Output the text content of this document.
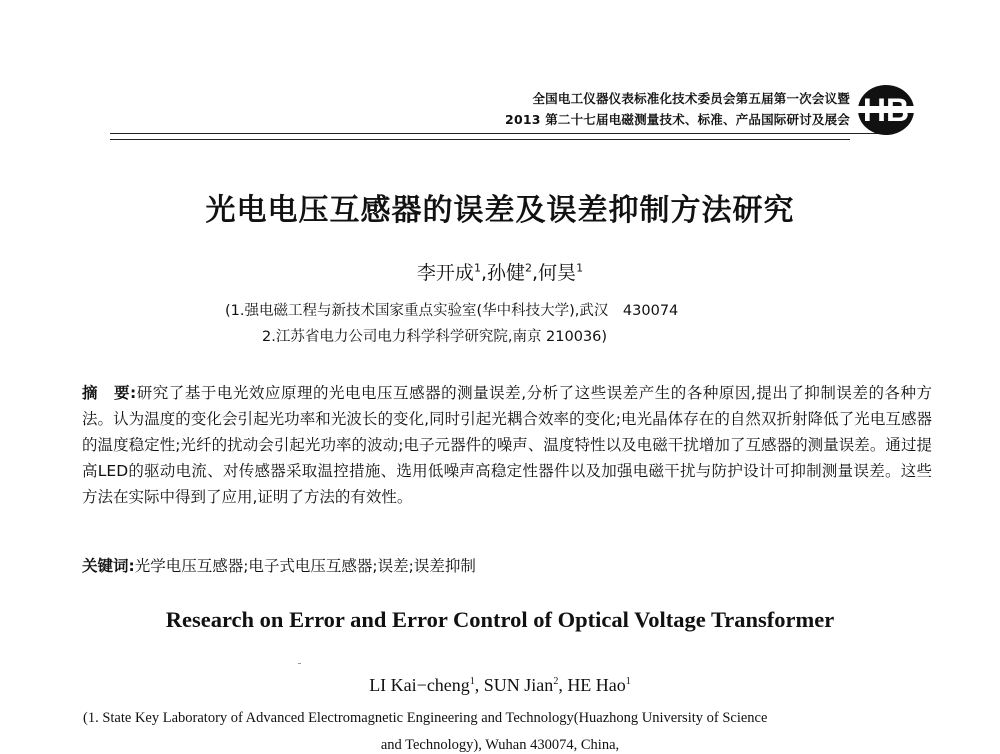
全国电工仪器仪表标准化技术委员会第五届第一次会议暨
2013 第二十七届电磁测量技术、标准、产品国际研讨及展会 HB
光电电压互感器的误差及误差抑制方法研究
李开成$^1$,孙健$^2$,何昊$^1$
(1.强电磁工程与新技术国家重点实验室(华中科技大学),武汉　430074
2.江苏省电力公司电力科学科学研究院,南京 210036)
摘　要:研究了基于电光效应原理的光电电压互感器的测量误差,分析了这些误差产生的各种原因,提出了抑制误差的各种方法。认为温度的变化会引起光功率和光波长的变化,同时引起光耦合效率的变化;电光晶体存在的自然双折射降低了光电互感器的温度稳定性;光纤的扰动会引起光功率的波动;电子元器件的噪声、温度特性以及电磁干扰增加了互感器的测量误差。通过提高LED的驱动电流、对传感器采取温控措施、选用低噪声高稳定性器件以及加强电磁干扰与防护设计可抑制测量误差。这些方法在实际中得到了应用,证明了方法的有效性。
关键词:光学电压互感器;电子式电压互感器;误差;误差抑制
Research on Error and Error Control of Optical Voltage Transformer
LI Kai−cheng$^1$, SUN Jian$^2$, HE Hao$^1$
(1. State Key Laboratory of Advanced Electromagnetic Engineering and Technology(Huazhong University of Science
and Technology), Wuhan 430074, China,
